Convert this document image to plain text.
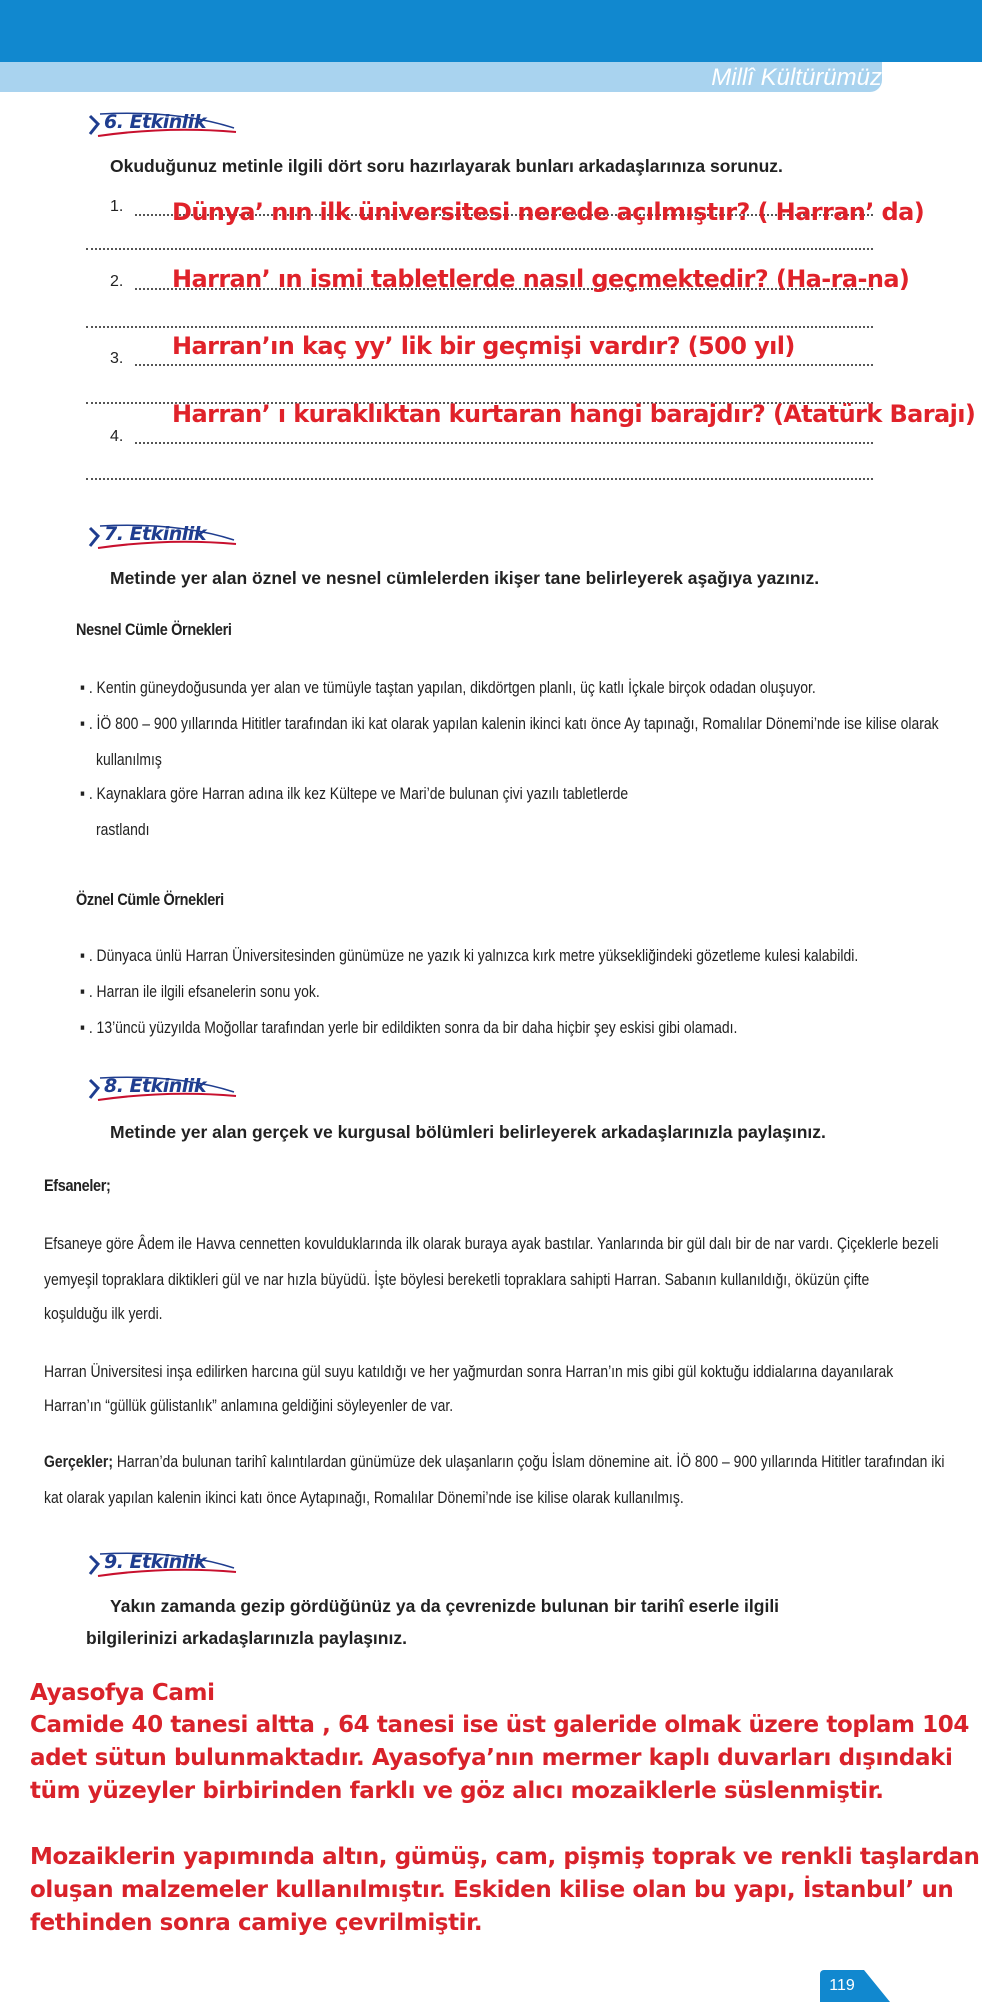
Millî Kültürümüz
6. Etkinlik
Okuduğunuz metinle ilgili dört soru hazırlayarak bunları arkadaşlarınıza sorunuz.
1. Dünya’ nın ilk üniversitesi nerede açılmıştır? ( Harran’ da)
2. Harran’ ın ismi tabletlerde nasıl geçmektedir? (Ha-ra-na)
3. Harran’ın kaç yy’ lik bir geçmişi vardır? (500 yıl)
4.
Harran’ ı kuraklıktan kurtaran hangi barajdır? (Atatürk Barajı)
7. Etkinlik
Metinde yer alan öznel ve nesnel cümlelerden ikişer tane belirleyerek aşağıya yazınız.
Nesnel Cümle Örnekleri
▪ . Kentin güneydoğusunda yer alan ve tümüyle taştan yapılan, dikdörtgen planlı, üç katlı İçkale birçok odadan oluşuyor.
▪ . İÖ 800 – 900 yıllarında Hititler tarafından iki kat olarak yapılan kalenin ikinci katı önce Ay tapınağı, Romalılar Dönemi’nde ise kilise olarak
kullanılmış
▪ . Kaynaklara göre Harran adına ilk kez Kültepe ve Mari’de bulunan çivi yazılı tabletlerde
rastlandı
Öznel Cümle Örnekleri
▪ . Dünyaca ünlü Harran Üniversitesinden günümüze ne yazık ki yalnızca kırk metre yüksekliğindeki gözetleme kulesi kalabildi.
▪ . Harran ile ilgili efsanelerin sonu yok.
▪ . 13’üncü yüzyılda Moğollar tarafından yerle bir edildikten sonra da bir daha hiçbir şey eskisi gibi olamadı.
8. Etkinlik
Metinde yer alan gerçek ve kurgusal bölümleri belirleyerek arkadaşlarınızla paylaşınız.
Efsaneler;
Efsaneye göre Âdem ile Havva cennetten kovulduklarında ilk olarak buraya ayak bastılar. Yanlarında bir gül dalı bir de nar vardı. Çiçeklerle bezeli
yemyeşil topraklara diktikleri gül ve nar hızla büyüdü. İşte böylesi bereketli topraklara sahipti Harran. Sabanın kullanıldığı, öküzün çifte
koşulduğu ilk yerdi.
Harran Üniversitesi inşa edilirken harcına gül suyu katıldığı ve her yağmurdan sonra Harran’ın mis gibi gül koktuğu iddialarına dayanılarak
Harran’ın “güllük gülistanlık” anlamına geldiğini söyleyenler de var.
Gerçekler; Harran’da bulunan tarihî kalıntılardan günümüze dek ulaşanların çoğu İslam dönemine ait. İÖ 800 – 900 yıllarında Hititler tarafından iki
kat olarak yapılan kalenin ikinci katı önce Aytapınağı, Romalılar Dönemi’nde ise kilise olarak kullanılmış.
9. Etkinlik
Yakın zamanda gezip gördüğünüz ya da çevrenizde bulunan bir tarihî eserle ilgili
bilgilerinizi arkadaşlarınızla paylaşınız.
Ayasofya Cami
Camide 40 tanesi altta , 64 tanesi ise üst galeride olmak üzere toplam 104
adet sütun bulunmaktadır. Ayasofya’nın mermer kaplı duvarları dışındaki
tüm yüzeyler birbirinden farklı ve göz alıcı mozaiklerle süslenmiştir.
Mozaiklerin yapımında altın, gümüş, cam, pişmiş toprak ve renkli taşlardan
oluşan malzemeler kullanılmıştır. Eskiden kilise olan bu yapı, İstanbul’ un
fethinden sonra camiye çevrilmiştir.
119
